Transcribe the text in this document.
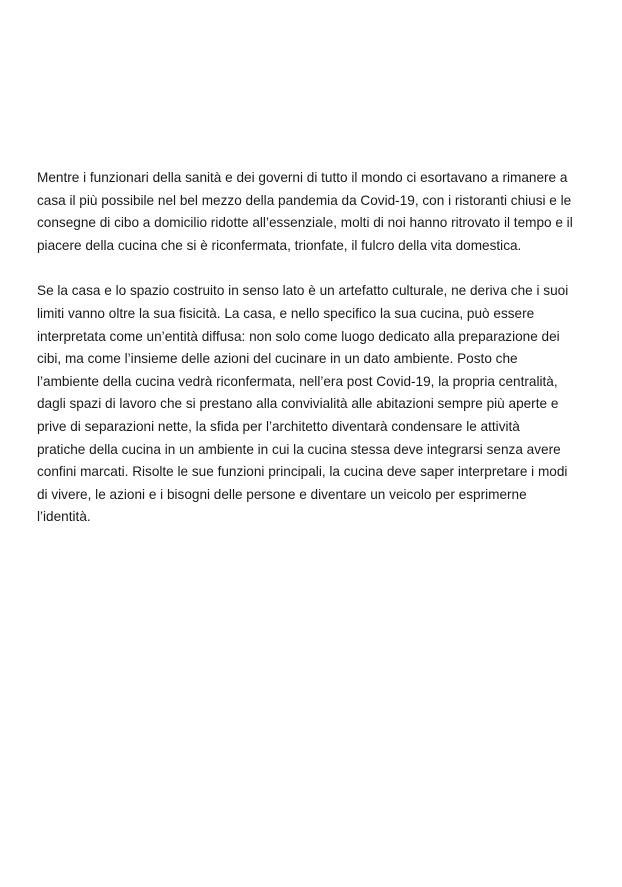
Mentre i funzionari della sanità e dei governi di tutto il mondo ci esortavano a rimanere a
casa il più possibile nel bel mezzo della pandemia da Covid-19, con i ristoranti chiusi e le
consegne di cibo a domicilio ridotte all’essenziale, molti di noi hanno ritrovato il tempo e il
piacere della cucina che si è riconfermata, trionfate, il fulcro della vita domestica.

Se la casa e lo spazio costruito in senso lato è un artefatto culturale, ne deriva che i suoi
limiti vanno oltre la sua fisicità. La casa, e nello specifico la sua cucina, può essere
interpretata come un’entità diffusa: non solo come luogo dedicato alla preparazione dei
cibi, ma come l’insieme delle azioni del cucinare in un dato ambiente. Posto che
l’ambiente della cucina vedrà riconfermata, nell’era post Covid-19, la propria centralità,
dagli spazi di lavoro che si prestano alla convivialità alle abitazioni sempre più aperte e
prive di separazioni nette, la sfida per l’architetto diventarà condensare le attività
pratiche della cucina in un ambiente in cui la cucina stessa deve integrarsi senza avere
confini marcati. Risolte le sue funzioni principali, la cucina deve saper interpretare i modi
di vivere, le azioni e i bisogni delle persone e diventare un veicolo per esprimerne
l’identità.
